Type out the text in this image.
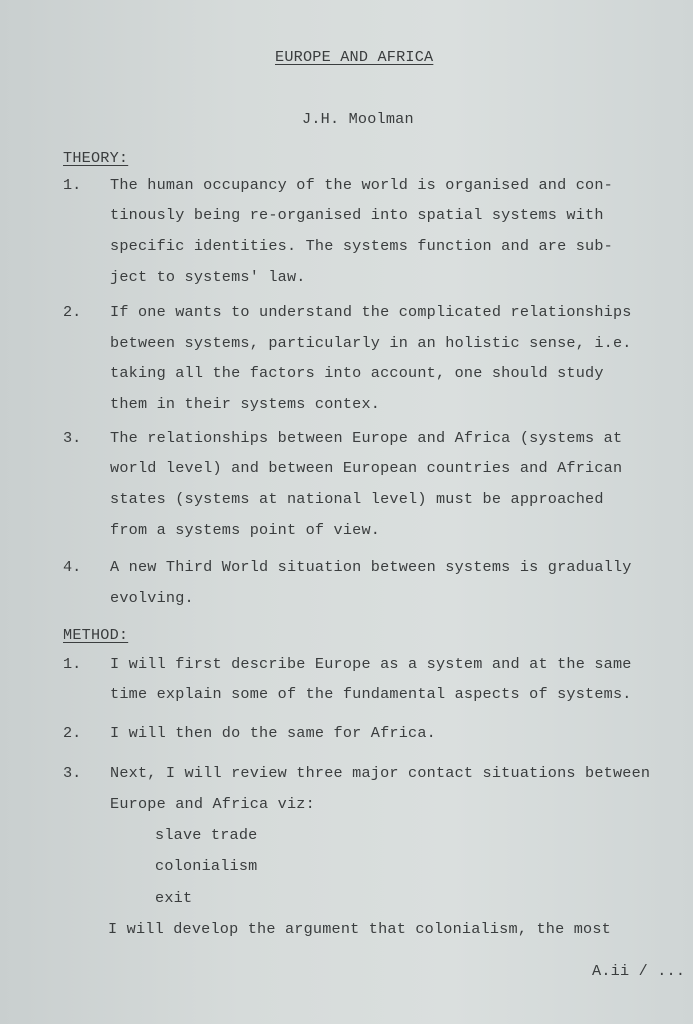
EUROPE AND AFRICA
J.H. Moolman
THEORY:
1. The human occupancy of the world is organised and con-
tinously being re-organised into spatial systems with
specific identities. The systems function and are sub-
ject to systems' law.
2. If one wants to understand the complicated relationships
between systems, particularly in an holistic sense, i.e.
taking all the factors into account, one should study
them in their systems contex.
3. The relationships between Europe and Africa (systems at
world level) and between European countries and African
states (systems at national level) must be approached
from a systems point of view.
4. A new Third World situation between systems is gradually
evolving.
METHOD:
1. I will first describe Europe as a system and at the same
time explain some of the fundamental aspects of systems.
2. I will then do the same for Africa.
3. Next, I will review three major contact situations between
Europe and Africa viz:
slave trade
colonialism
exit
I will develop the argument that colonialism, the most
A.ii / ...
